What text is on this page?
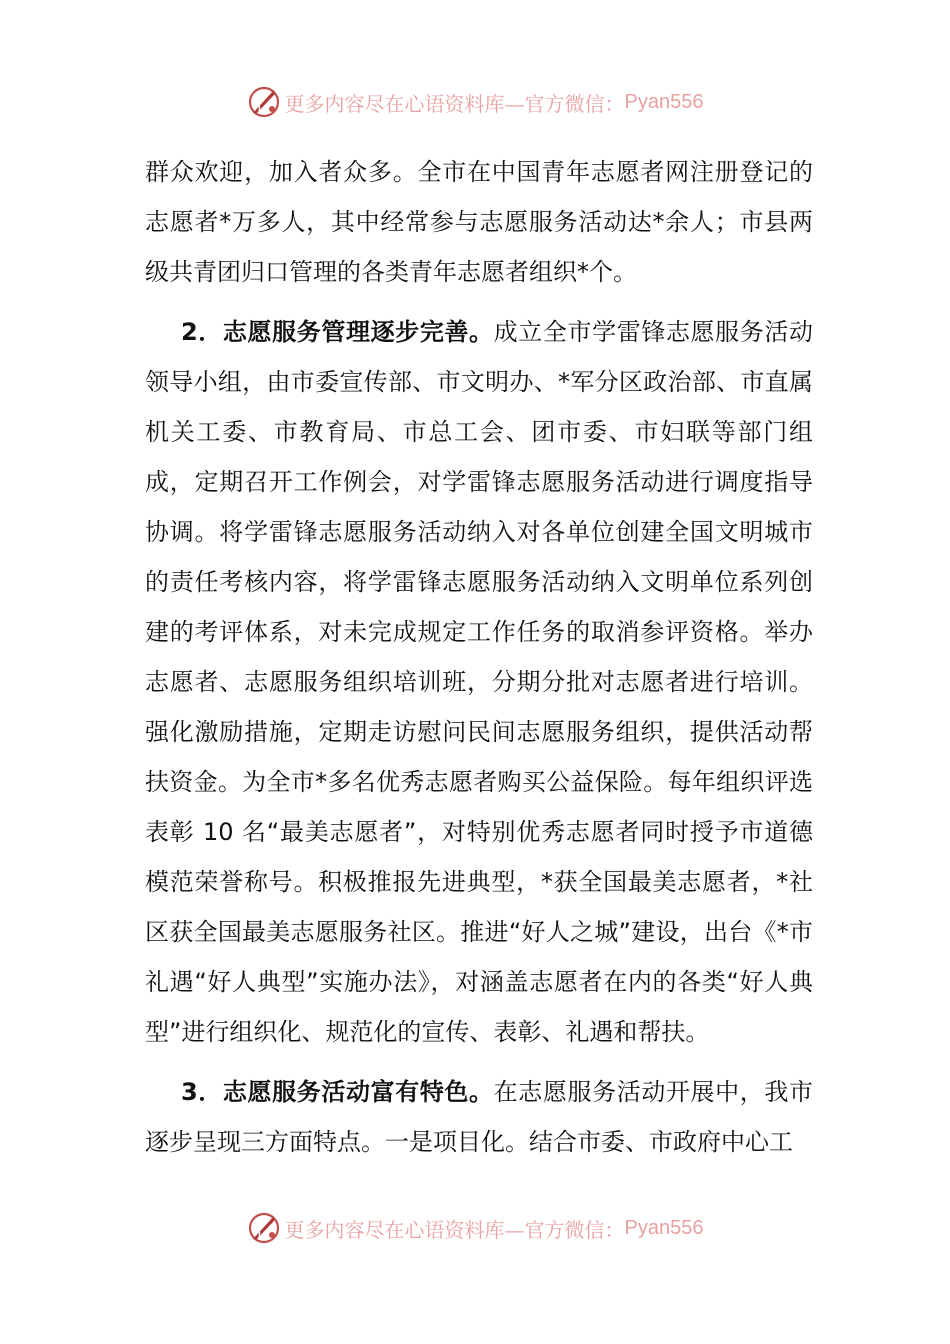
更多内容尽在心语资料库—官方微信： Pyan556

群众欢迎，加入者众多。全市在中国青年志愿者网注册登记的志愿者*万多人，其中经常参与志愿服务活动达*余人；市县两级共青团归口管理的各类青年志愿者组织*个。

2．志愿服务管理逐步完善。成立全市学雷锋志愿服务活动领导小组，由市委宣传部、市文明办、*军分区政治部、市直属机关工委、市教育局、市总工会、团市委、市妇联等部门组成，定期召开工作例会，对学雷锋志愿服务活动进行调度指导协调。将学雷锋志愿服务活动纳入对各单位创建全国文明城市的责任考核内容，将学雷锋志愿服务活动纳入文明单位系列创建的考评体系，对未完成规定工作任务的取消参评资格。举办志愿者、志愿服务组织培训班，分期分批对志愿者进行培训。强化激励措施，定期走访慰问民间志愿服务组织，提供活动帮扶资金。为全市*多名优秀志愿者购买公益保险。每年组织评选表彰 10 名“最美志愿者”，对特别优秀志愿者同时授予市道德模范荣誉称号。积极推报先进典型，*获全国最美志愿者，*社区获全国最美志愿服务社区。推进“好人之城”建设，出台《*市礼遇“好人典型”实施办法》，对涵盖志愿者在内的各类“好人典型”进行组织化、规范化的宣传、表彰、礼遇和帮扶。

3．志愿服务活动富有特色。在志愿服务活动开展中，我市逐步呈现三方面特点。一是项目化。结合市委、市政府中心工

更多内容尽在心语资料库—官方微信： Pyan556
